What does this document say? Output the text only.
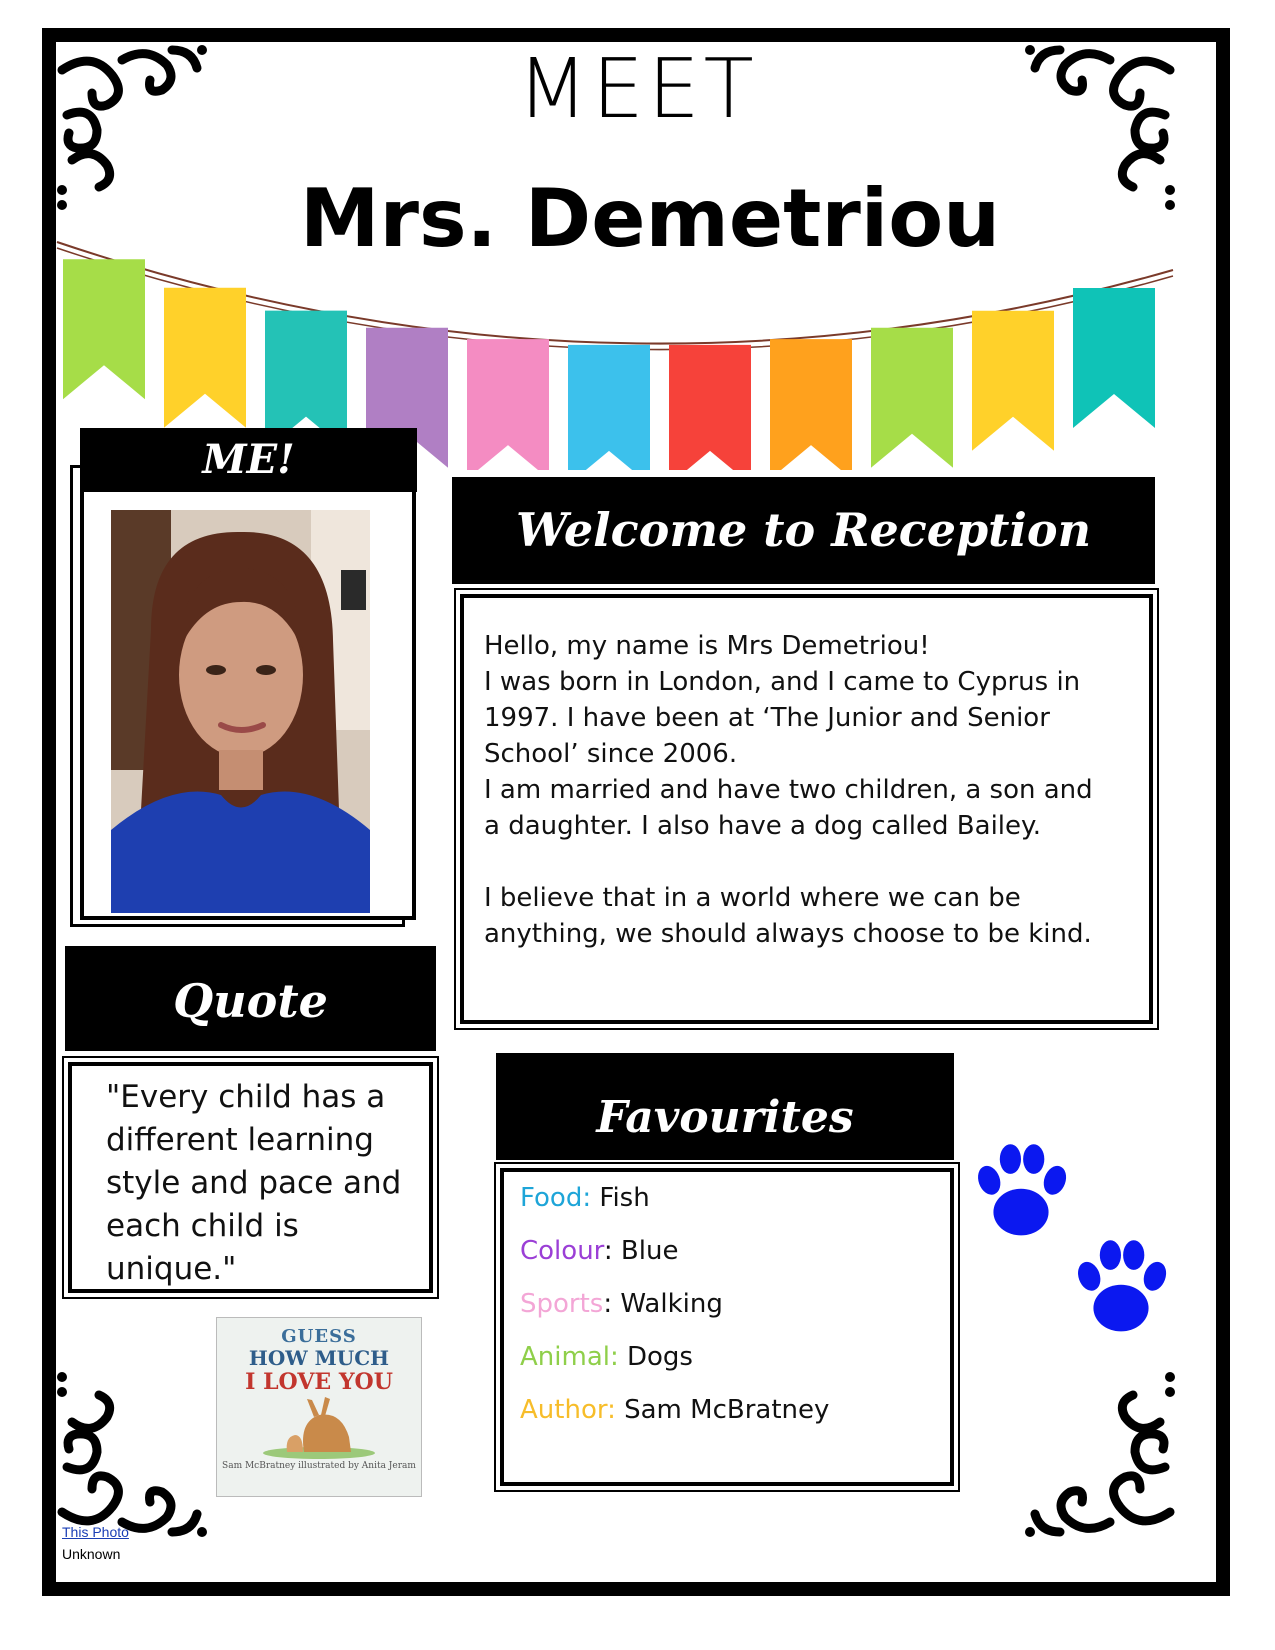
MEET
Mrs. Demetriou
ME!
Welcome to Reception

Hello, my name is Mrs Demetriou!

I was born in London, and I came to Cyprus in

1997. I have been at ‘The Junior and Senior

School’ since 2006.

I am married and have two children, a son and

a daughter. I also have a dog called Bailey.

I believe that in a world where we can be

anything, we should always choose to be kind.

Quote
"Every child has a
different learning
style and pace and
each child is
unique."
GUESS
HOW MUCH
I LOVE YOU
Sam McBratney illustrated by Anita Jeram
Favourites
Food: Fish
Colour: Blue
Sports: Walking
Animal: Dogs
Author: Sam McBratney
This Photo
Unknown
